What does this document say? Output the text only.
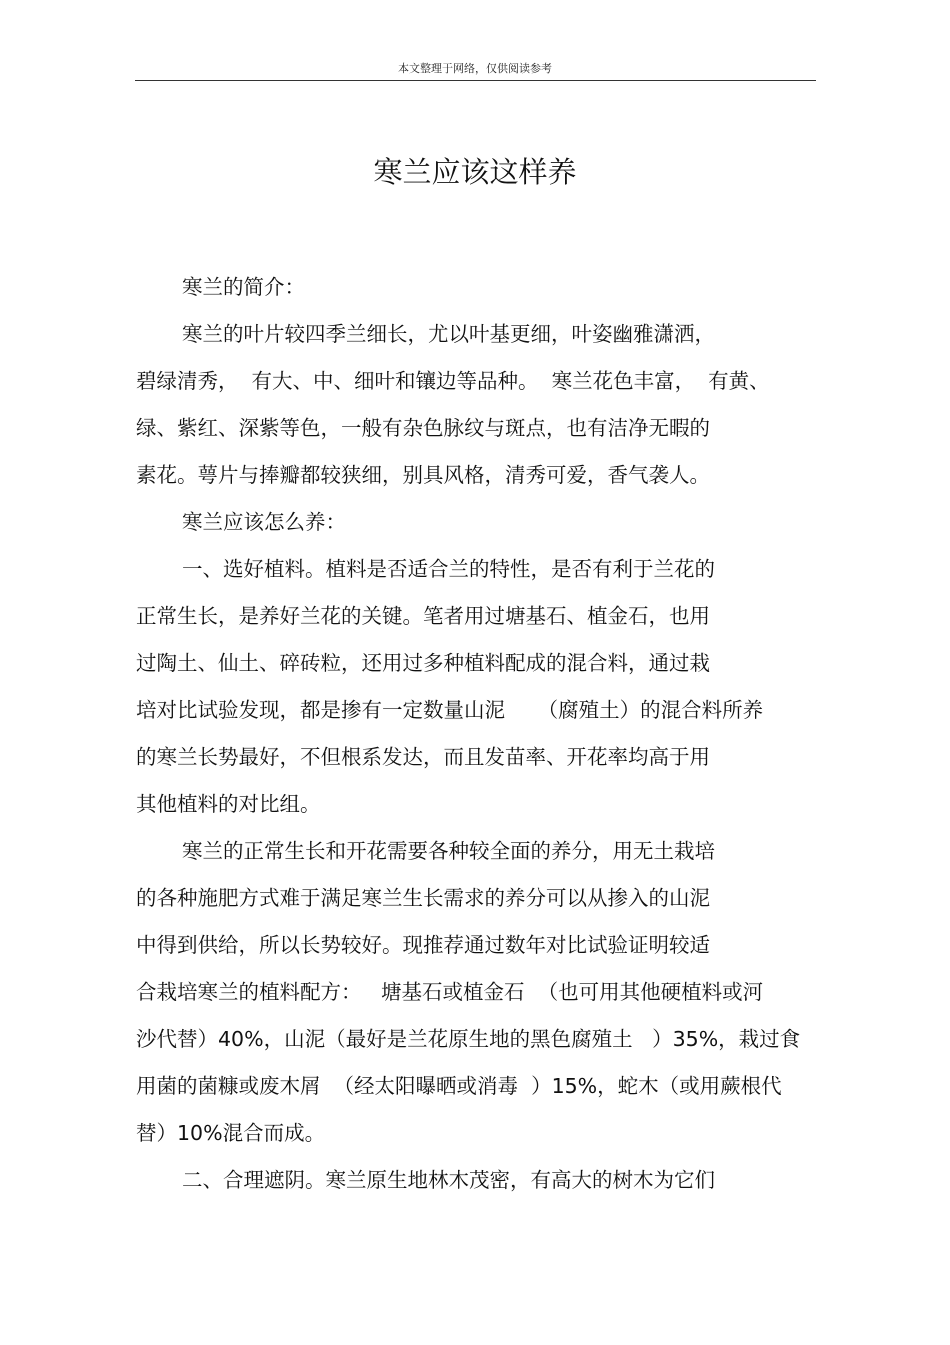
本文整理于网络，仅供阅读参考
寒兰应该这样养
寒兰的简介：
寒兰的叶片较四季兰细长，尤以叶基更细，叶姿幽雅潇洒，
碧绿清秀，  有大、中、细叶和镶边等品种。  寒兰花色丰富，  有黄、
绿、紫红、深紫等色，一般有杂色脉纹与斑点，也有洁净无暇的
素花。萼片与捧瓣都较狭细，别具风格，清秀可爱，香气袭人。
寒兰应该怎么养：
一、选好植料。植料是否适合兰的特性，是否有利于兰花的
正常生长，是养好兰花的关键。笔者用过塘基石、植金石，也用
过陶土、仙土、碎砖粒，还用过多种植料配成的混合料，通过栽
培对比试验发现，都是掺有一定数量山泥     （腐殖土）的混合料所养
的寒兰长势最好，不但根系发达，而且发苗率、开花率均高于用
其他植料的对比组。
寒兰的正常生长和开花需要各种较全面的养分，用无土栽培
的各种施肥方式难于满足寒兰生长需求的养分可以从掺入的山泥
中得到供给，所以长势较好。现推荐通过数年对比试验证明较适
合栽培寒兰的植料配方：   塘基石或植金石  （也可用其他硬植料或河
沙代替）40%，山泥（最好是兰花原生地的黑色腐殖土   ）35%，栽过食
用菌的菌糠或废木屑  （经太阳曝晒或消毒  ）15%，蛇木（或用蕨根代
替）10%混合而成。
二、合理遮阴。寒兰原生地林木茂密，有高大的树木为它们
